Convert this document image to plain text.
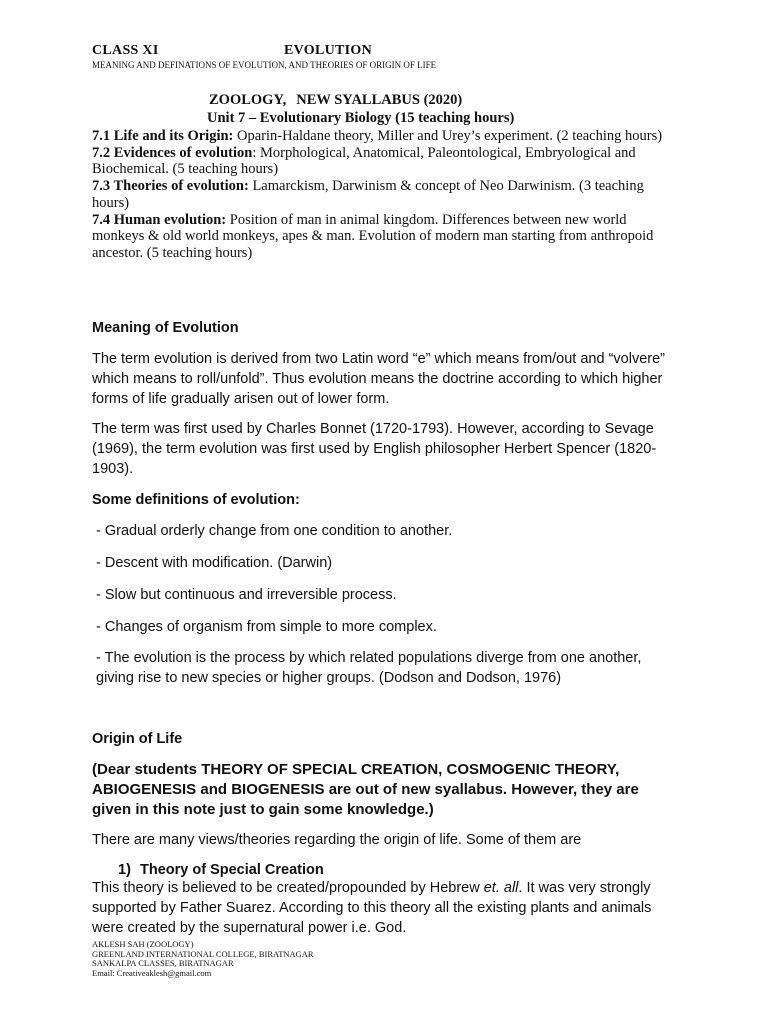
CLASS XI	EVOLUTION
MEANING AND DEFINATIONS OF EVOLUTION, AND THEORIES OF ORIGIN OF LIFE
ZOOLOGY, NEW SYALLABUS (2020)
Unit 7 – Evolutionary Biology (15 teaching hours)

7.1 Life and its Origin: Oparin-Haldane theory, Miller and Urey’s experiment. (2 teaching hours)

7.2 Evidences of evolution: Morphological, Anatomical, Paleontological, Embryological and Biochemical. (5 teaching hours)

7.3 Theories of evolution: Lamarckism, Darwinism & concept of Neo Darwinism. (3 teaching hours)

7.4 Human evolution: Position of man in animal kingdom. Differences between new world monkeys & old world monkeys, apes & man. Evolution of modern man starting from anthropoid ancestor. (5 teaching hours)

Meaning of Evolution
The term evolution is derived from two Latin word “e” which means from/out and “volvere” which means to roll/unfold”. Thus evolution means the doctrine according to which higher forms of life gradually arisen out of lower form.
The term was first used by Charles Bonnet (1720-1793). However, according to Sevage (1969), the term evolution was first used by English philosopher Herbert Spencer (1820-1903).
Some definitions of evolution:
- Gradual orderly change from one condition to another.
- Descent with modification. (Darwin)
- Slow but continuous and irreversible process.
- Changes of organism from simple to more complex.
- The evolution is the process by which related populations diverge from one another, giving rise to new species or higher groups. (Dodson and Dodson, 1976)
Origin of Life
(Dear students THEORY OF SPECIAL CREATION, COSMOGENIC THEORY, ABIOGENESIS and BIOGENESIS are out of new syallabus. However, they are given in this note just to gain some knowledge.)
There are many views/theories regarding the origin of life. Some of them are
1) Theory of Special Creation
This theory is believed to be created/propounded by Hebrew et. all. It was very strongly supported by Father Suarez. According to this theory all the existing plants and animals were created by the supernatural power i.e. God.
AKLESH SAH (ZOOLOGY)
GREENLAND INTERNATIONAL COLLEGE, BIRATNAGAR
SANKALPA CLASSES, BIRATNAGAR
Email: Creativeaklesh@gmail.com
